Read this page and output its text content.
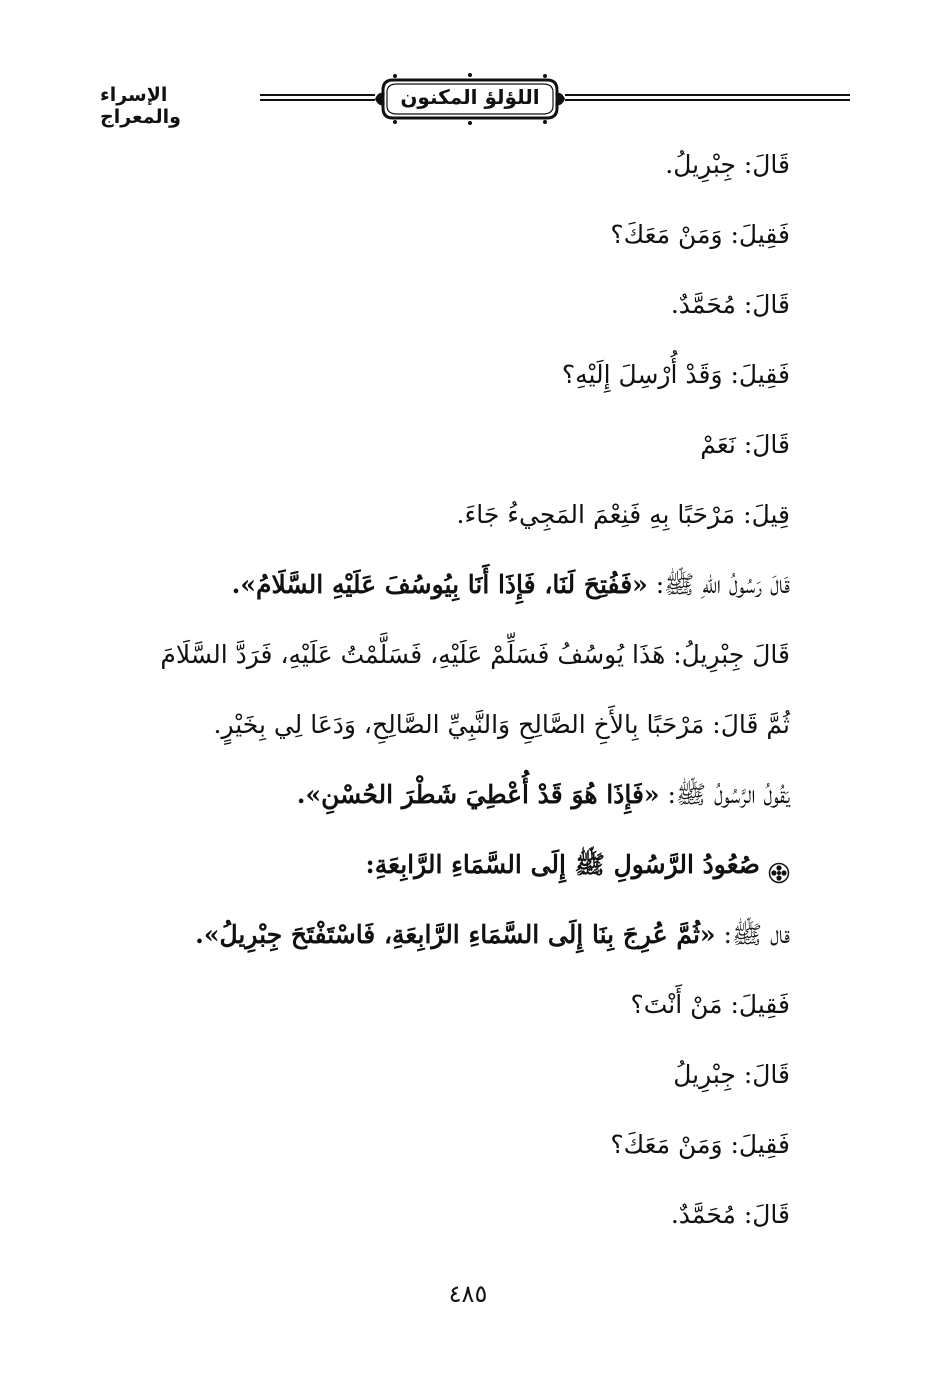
الإسراء والمعراج
اللؤلؤ المكنون
قَالَ: جِبْرِيلُ.
فَقِيلَ: وَمَنْ مَعَكَ؟
قَالَ: مُحَمَّدٌ.
فَقِيلَ: وَقَدْ أُرْسِلَ إِلَيْهِ؟
قَالَ: نَعَمْ
قِيلَ: مَرْحَبًا بِهِ فَنِعْمَ المَجِيءُ جَاءَ.
قَالَ رَسُولُ اللهِ ﷺ: «فَفُتِحَ لَنَا، فَإِذَا أَنَا بِيُوسُفَ عَلَيْهِ السَّلَامُ».
قَالَ جِبْرِيلُ: هَذَا يُوسُفُ فَسَلِّمْ عَلَيْهِ، فَسَلَّمْتُ عَلَيْهِ، فَرَدَّ السَّلَامَ
ثُمَّ قَالَ: مَرْحَبًا بِالأَخِ الصَّالِحِ وَالنَّبِيِّ الصَّالِحِ، وَدَعَا لِي بِخَيْرٍ.
يَقُولُ الرَّسُولُ ﷺ: «فَإِذَا هُوَ قَدْ أُعْطِيَ شَطْرَ الحُسْنِ».
صُعُودُ الرَّسُولِ ﷺ إِلَى السَّمَاءِ الرَّابِعَةِ:
قال ﷺ: «ثُمَّ عُرِجَ بِنَا إِلَى السَّمَاءِ الرَّابِعَةِ، فَاسْتَفْتَحَ جِبْرِيلُ».
فَقِيلَ: مَنْ أَنْتَ؟
قَالَ: جِبْرِيلُ
فَقِيلَ: وَمَنْ مَعَكَ؟
قَالَ: مُحَمَّدٌ.
٤٨٥
